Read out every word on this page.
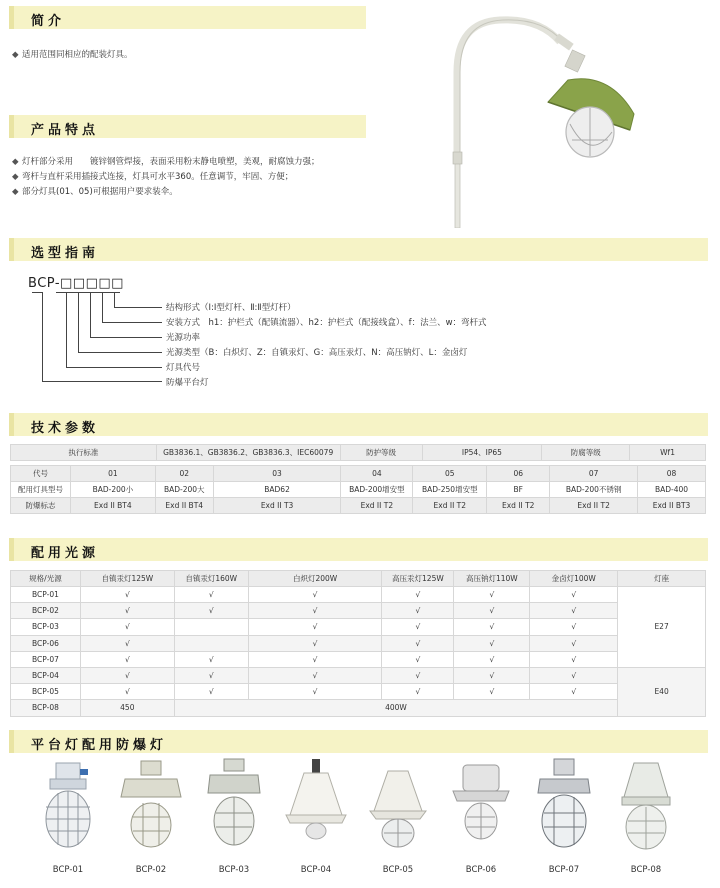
简介
◆ 适用范围同相应的配装灯具。
产品特点
◆ 灯杆部分采用　　镀锌钢管焊接，表面采用粉末静电喷塑，美观，耐腐蚀力强；
◆ 弯杆与直杆采用插接式连接，灯具可水平360。任意调节，牢固、方便；
◆ 部分灯具(01、05)可根据用户要求装伞。
选型指南
BCP-□□□□□
结构形式（Ⅰ:Ⅰ型灯杆、Ⅱ:Ⅱ型灯杆）
安装方式　h1：护栏式（配镇流器）、h2：护栏式（配接线盒）、f：法兰、w：弯杆式
光源功率
光源类型（B：白炽灯、Z：自镇汞灯、G：高压汞灯、N：高压钠灯、L：金卤灯
灯具代号
防爆平台灯
技术参数
执行标准	GB3836.1、GB3836.2、GB3836.3、IEC60079	防护等级	IP54、IP65	防腐等级	Wf1
代号	01	02	03	04	05	06	07	08
配用灯具型号	BAD-200小	BAD-200大	BAD62	BAD-200增安型	BAD-250增安型	BF	BAD-200不锈钢	BAD-400
防爆标志	Exd II BT4	Exd II BT4	Exd II T3	Exd II T2	Exd II T2	Exd II T2	Exd II T2	Exd II BT3
配用光源
规格/光源	自镇汞灯125W	自镇汞灯160W	白炽灯200W	高压汞灯125W	高压钠灯110W	金卤灯100W	灯座
BCP-01	√	√	√	√	√	√	E27
BCP-02	√	√	√	√	√	√	
BCP-03	√		√	√	√	√	
BCP-06	√		√	√	√	√	
BCP-07	√	√	√	√	√	√	
BCP-04	√	√	√	√	√	√	E40
BCP-05	√	√	√	√	√	√	
BCP-08	450	400W					
平台灯配用防爆灯
BCP-01	BCP-02	BCP-03	BCP-04	BCP-05	BCP-06	BCP-07	BCP-08
